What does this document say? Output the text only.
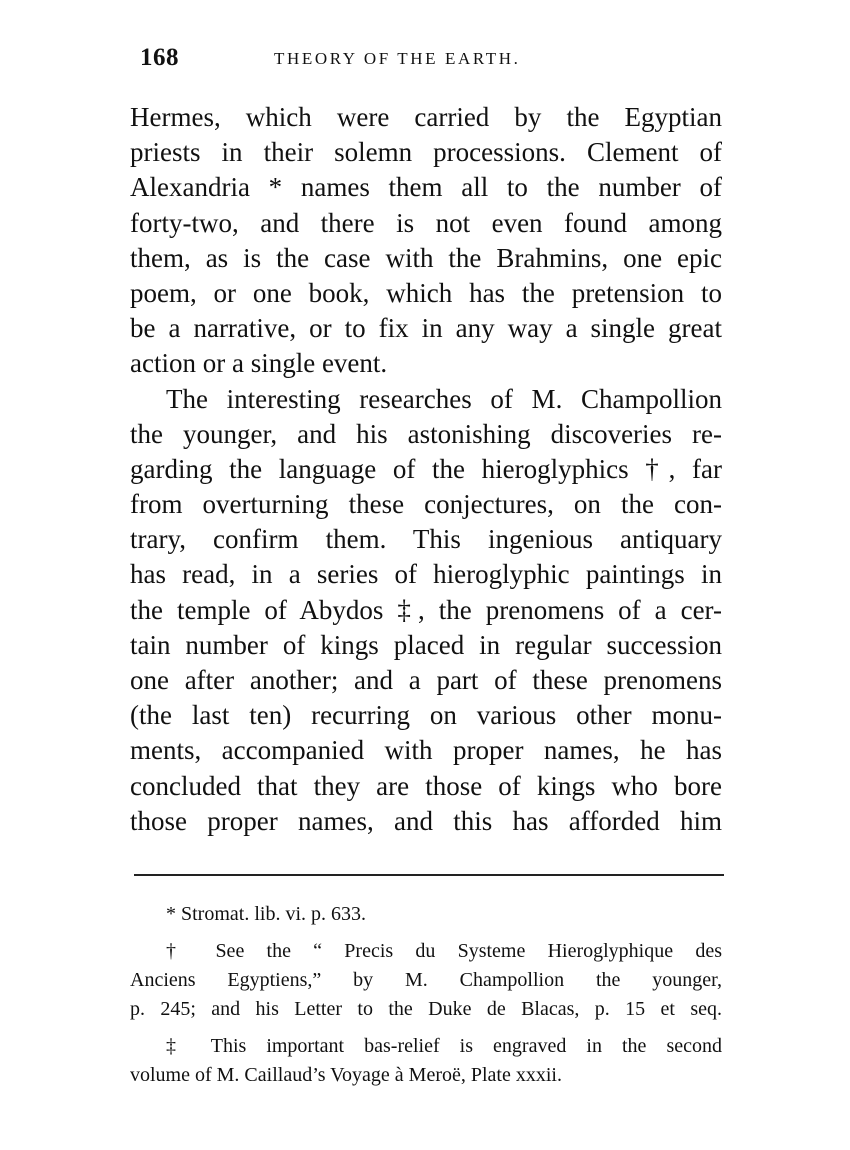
168	THEORY OF THE EARTH.
Hermes, which were carried by the Egyptian
priests in their solemn processions. Clement of
Alexandria * names them all to the number of
forty-two, and there is not even found among
them, as is the case with the Brahmins, one epic
poem, or one book, which has the pretension to
be a narrative, or to fix in any way a single great
action or a single event.
The interesting researches of M. Champollion
the younger, and his astonishing discoveries re-
garding the language of the hieroglyphics †, far
from overturning these conjectures, on the con-
trary, confirm them. This ingenious antiquary
has read, in a series of hieroglyphic paintings in
the temple of Abydos ‡, the prenomens of a cer-
tain number of kings placed in regular succession
one after another; and a part of these prenomens
(the last ten) recurring on various other monu-
ments, accompanied with proper names, he has
concluded that they are those of kings who bore
those proper names, and this has afforded him
* Stromat. lib. vi. p. 633.
† See the “ Precis du Systeme Hieroglyphique des
Anciens Egyptiens,” by M. Champollion the younger,
p. 245; and his Letter to the Duke de Blacas, p. 15 et seq.
‡ This important bas-relief is engraved in the second
volume of M. Caillaud’s Voyage à Meroë, Plate xxxii.
